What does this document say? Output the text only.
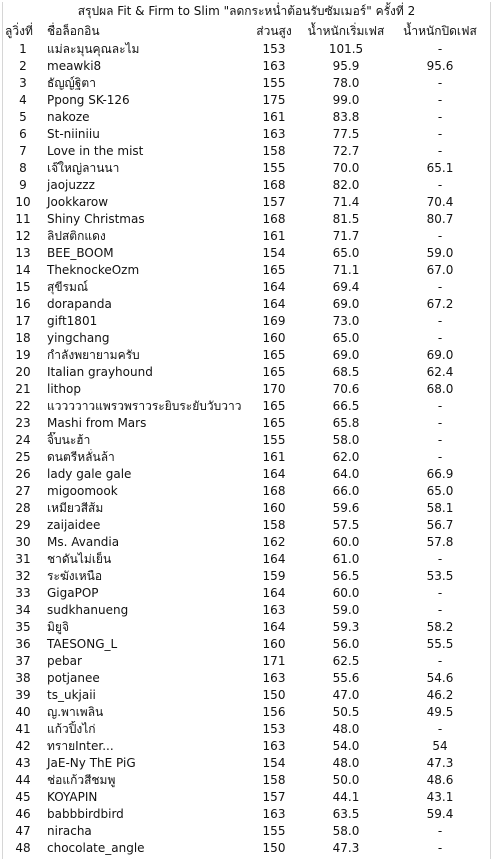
สรุปผล Fit & Firm to Slim "ลดกระหน่ำต้อนรับซัมเมอร์" ครั้งที่ 2
ลูวิ่งที่	ชื่อล็อกอิน	ส่วนสูง	น้ำหนักเริ่มเฟส	น้ำหนักปิดเฟส
1	แม่ละมุนคุณละไม	153	101.5	-
2	meawki8	163	95.9	95.6
3	ธัญญ์ฐิตา	155	78.0	-
4	Ppong SK-126	175	99.0	-
5	nakoze	161	83.8	-
6	St-niiniiu	163	77.5	-
7	Love in the mist	158	72.7	-
8	เจ๊ใหญ่ลานนา	155	70.0	65.1
9	jaojuzzz	168	82.0	-
10	Jookkarow	157	71.4	70.4
11	Shiny Christmas	168	81.5	80.7
12	ลิปสติกแดง	161	71.7	-
13	BEE_BOOM	154	65.0	59.0
14	TheknockeOzm	165	71.1	67.0
15	สุขีรมณ์	164	69.4	-
16	dorapanda	164	69.0	67.2
17	gift1801	169	73.0	-
18	yingchang	160	65.0	-
19	กำลังพยายามครับ	165	69.0	69.0
20	Italian grayhound	165	68.5	62.4
21	lithop	170	70.6	68.0
22	แววววาวแพรวพราวระยิบระยับวับวาว	165	66.5	-
23	Mashi from Mars	165	65.8	-
24	จิ๊บนะฮ้า	155	58.0	-
25	ดนตรีหลั่นล้า	161	62.0	-
26	lady gale gale	164	64.0	66.9
27	migoomook	168	66.0	65.0
28	เหมียวสีส้ม	160	59.6	58.1
29	zaijaidee	158	57.5	56.7
30	Ms. Avandia	162	60.0	57.8
31	ชาดันไม่เย็น	164	61.0	-
32	ระฆังเหนือ	159	56.5	53.5
33	GigaPOP	164	60.0	-
34	sudkhanueng	163	59.0	-
35	มิยูจิ	164	59.3	58.2
36	TAESONG_L	160	56.0	55.5
37	pebar	171	62.5	-
38	potjanee	163	55.6	54.6
39	ts_ukjaii	150	47.0	46.2
40	ญ.พาเพลิน	156	50.5	49.5
41	แก้วปิ้งไก่	153	48.0	-
42	ทรายInter...	163	54.0	54
43	JaE-Ny ThE PiG	154	48.0	47.3
44	ช่อแก้วสีชมพู	158	50.0	48.6
45	KOYAPIN	157	44.1	43.1
46	babbbirdbird	163	63.5	59.4
47	niracha	155	58.0	-
48	chocolate_angle	150	47.3	-
